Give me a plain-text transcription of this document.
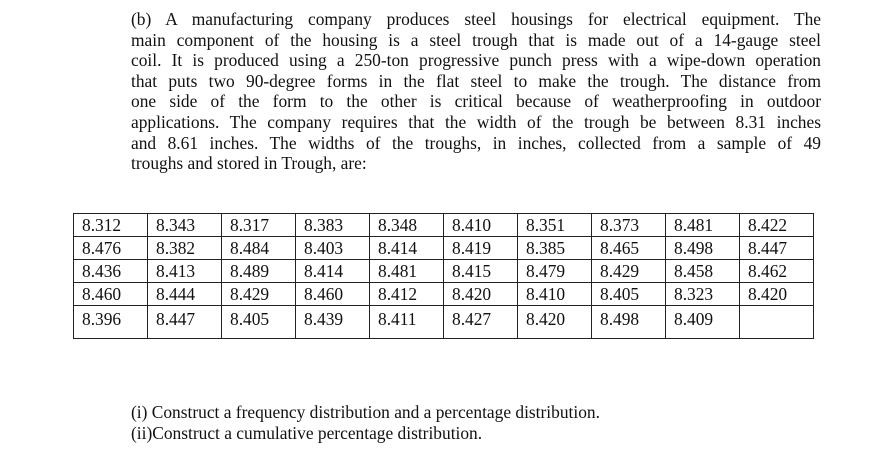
(b) A manufacturing company produces steel housings for electrical equipment. The
main component of the housing is a steel trough that is made out of a 14-gauge steel
coil. It is produced using a 250-ton progressive punch press with a wipe-down operation
that puts two 90-degree forms in the flat steel to make the trough. The distance from
one side of the form to the other is critical because of weatherproofing in outdoor
applications. The company requires that the width of the trough be between 8.31 inches
and 8.61 inches. The widths of the troughs, in inches, collected from a sample of 49
troughs and stored in Trough, are:
8.312	8.343	8.317	8.383	8.348	8.410	8.351	8.373	8.481	8.422
8.476	8.382	8.484	8.403	8.414	8.419	8.385	8.465	8.498	8.447
8.436	8.413	8.489	8.414	8.481	8.415	8.479	8.429	8.458	8.462
8.460	8.444	8.429	8.460	8.412	8.420	8.410	8.405	8.323	8.420
8.396	8.447	8.405	8.439	8.411	8.427	8.420	8.498	8.409	
(i) Construct a frequency distribution and a percentage distribution.
(ii)Construct a cumulative percentage distribution.
